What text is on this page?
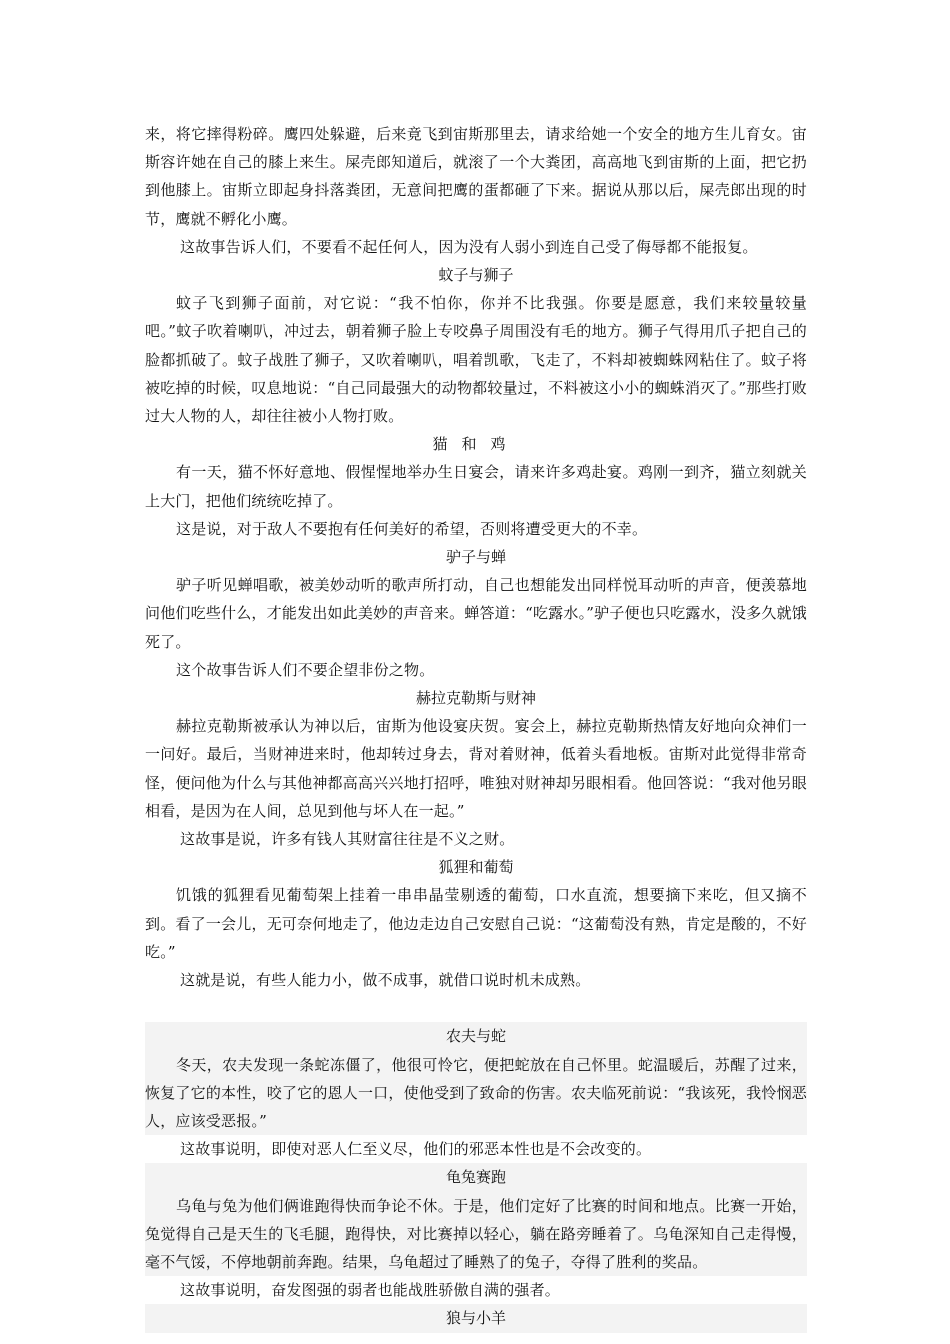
来，将它摔得粉碎。鹰四处躲避，后来竟飞到宙斯那里去，请求给她一个安全的地方生儿育女。宙斯容许她在自己的膝上来生。屎壳郎知道后，就滚了一个大粪团，高高地飞到宙斯的上面，把它扔到他膝上。宙斯立即起身抖落粪团，无意间把鹰的蛋都砸了下来。据说从那以后，屎壳郎出现的时节，鹰就不孵化小鹰。

这故事告诉人们，不要看不起任何人，因为没有人弱小到连自己受了侮辱都不能报复。

蚊子与狮子

蚊子飞到狮子面前，对它说：“我不怕你，你并不比我强。你要是愿意，我们来较量较量吧。”蚊子吹着喇叭，冲过去，朝着狮子脸上专咬鼻子周围没有毛的地方。狮子气得用爪子把自己的脸都抓破了。蚊子战胜了狮子，又吹着喇叭，唱着凯歌，飞走了，不料却被蜘蛛网粘住了。蚊子将被吃掉的时候，叹息地说：“自己同最强大的动物都较量过，不料被这小小的蜘蛛消灭了。”那些打败过大人物的人，却往往被小人物打败。

猫和鸡

有一天，猫不怀好意地、假惺惺地举办生日宴会，请来许多鸡赴宴。鸡刚一到齐，猫立刻就关上大门，把他们统统吃掉了。

这是说，对于敌人不要抱有任何美好的希望，否则将遭受更大的不幸。

驴子与蝉

驴子听见蝉唱歌，被美妙动听的歌声所打动，自己也想能发出同样悦耳动听的声音，便羡慕地问他们吃些什么，才能发出如此美妙的声音来。蝉答道：“吃露水。”驴子便也只吃露水，没多久就饿死了。

这个故事告诉人们不要企望非份之物。

赫拉克勒斯与财神

赫拉克勒斯被承认为神以后，宙斯为他设宴庆贺。宴会上，赫拉克勒斯热情友好地向众神们一一问好。最后，当财神进来时，他却转过身去，背对着财神，低着头看地板。宙斯对此觉得非常奇怪，便问他为什么与其他神都高高兴兴地打招呼，唯独对财神却另眼相看。他回答说：“我对他另眼相看，是因为在人间，总见到他与坏人在一起。”

这故事是说，许多有钱人其财富往往是不义之财。

狐狸和葡萄

饥饿的狐狸看见葡萄架上挂着一串串晶莹剔透的葡萄，口水直流，想要摘下来吃，但又摘不到。看了一会儿，无可奈何地走了，他边走边自己安慰自己说：“这葡萄没有熟，肯定是酸的，不好吃。”

这就是说，有些人能力小，做不成事，就借口说时机未成熟。

农夫与蛇

冬天，农夫发现一条蛇冻僵了，他很可怜它，便把蛇放在自己怀里。蛇温暖后，苏醒了过来，恢复了它的本性，咬了它的恩人一口，使他受到了致命的伤害。农夫临死前说：“我该死，我怜悯恶人，应该受恶报。”

这故事说明，即使对恶人仁至义尽，他们的邪恶本性也是不会改变的。

龟兔赛跑

乌龟与兔为他们俩谁跑得快而争论不休。于是，他们定好了比赛的时间和地点。比赛一开始，兔觉得自己是天生的飞毛腿，跑得快，对比赛掉以轻心，躺在路旁睡着了。乌龟深知自己走得慢，毫不气馁，不停地朝前奔跑。结果，乌龟超过了睡熟了的兔子，夺得了胜利的奖品。

这故事说明，奋发图强的弱者也能战胜骄傲自满的强者。

狼与小羊
